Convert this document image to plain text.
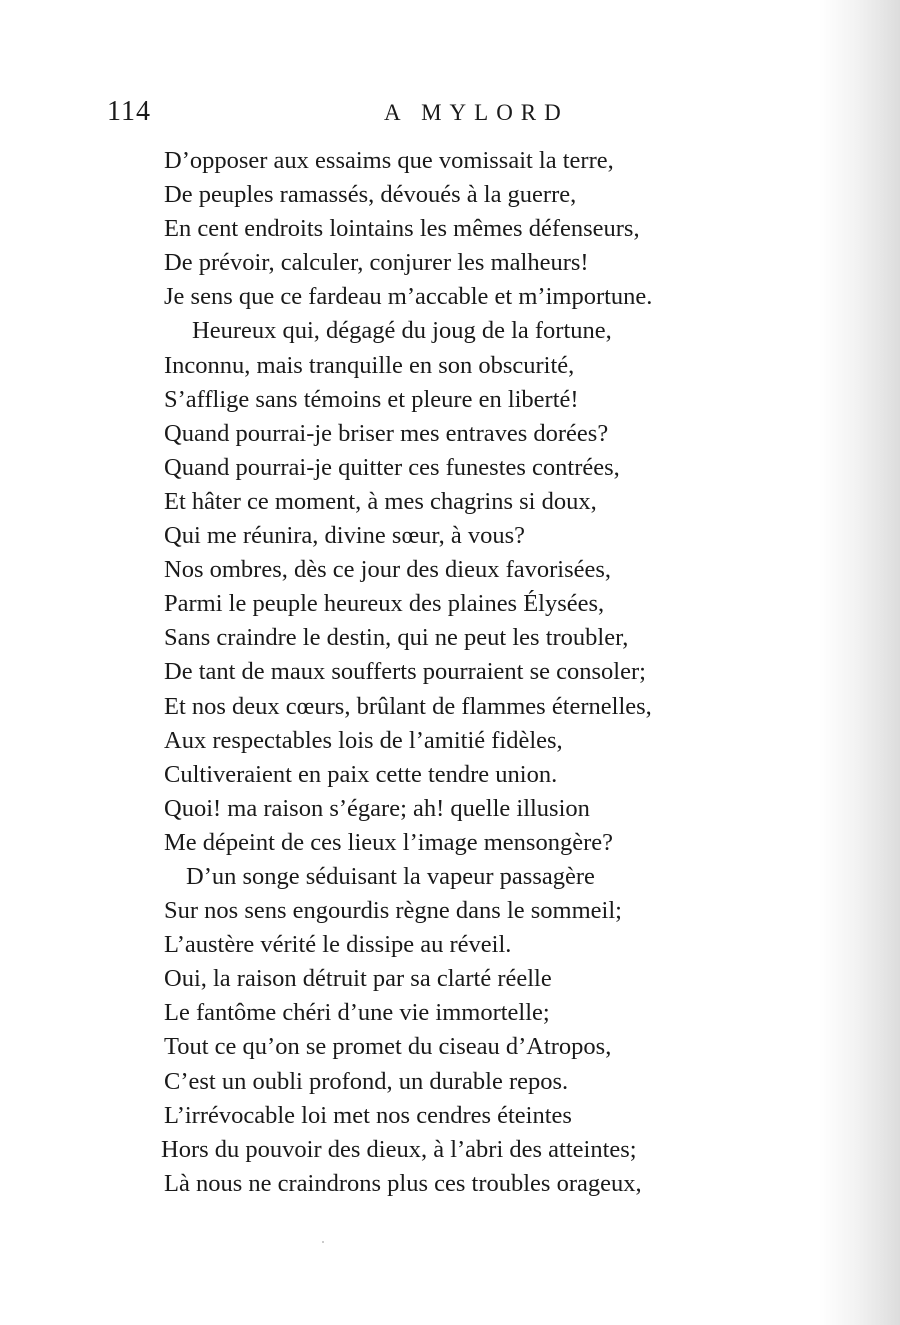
114	A MYLORD
D’opposer aux essaims que vomissait la terre,
De peuples ramassés, dévoués à la guerre,
En cent endroits lointains les mêmes défenseurs,
De prévoir, calculer, conjurer les malheurs!
Je sens que ce fardeau m’accable et m’importune.
Heureux qui, dégagé du joug de la fortune,
Inconnu, mais tranquille en son obscurité,
S’afflige sans témoins et pleure en liberté!
Quand pourrai-je briser mes entraves dorées?
Quand pourrai-je quitter ces funestes contrées,
Et hâter ce moment, à mes chagrins si doux,
Qui me réunira, divine sœur, à vous?
Nos ombres, dès ce jour des dieux favorisées,
Parmi le peuple heureux des plaines Élysées,
Sans craindre le destin, qui ne peut les troubler,
De tant de maux soufferts pourraient se consoler;
Et nos deux cœurs, brûlant de flammes éternelles,
Aux respectables lois de l’amitié fidèles,
Cultiveraient en paix cette tendre union.
Quoi! ma raison s’égare; ah! quelle illusion
Me dépeint de ces lieux l’image mensongère?
D’un songe séduisant la vapeur passagère
Sur nos sens engourdis règne dans le sommeil;
L’austère vérité le dissipe au réveil.
Oui, la raison détruit par sa clarté réelle
Le fantôme chéri d’une vie immortelle;
Tout ce qu’on se promet du ciseau d’Atropos,
C’est un oubli profond, un durable repos.
L’irrévocable loi met nos cendres éteintes
Hors du pouvoir des dieux, à l’abri des atteintes;
Là nous ne craindrons plus ces troubles orageux,
